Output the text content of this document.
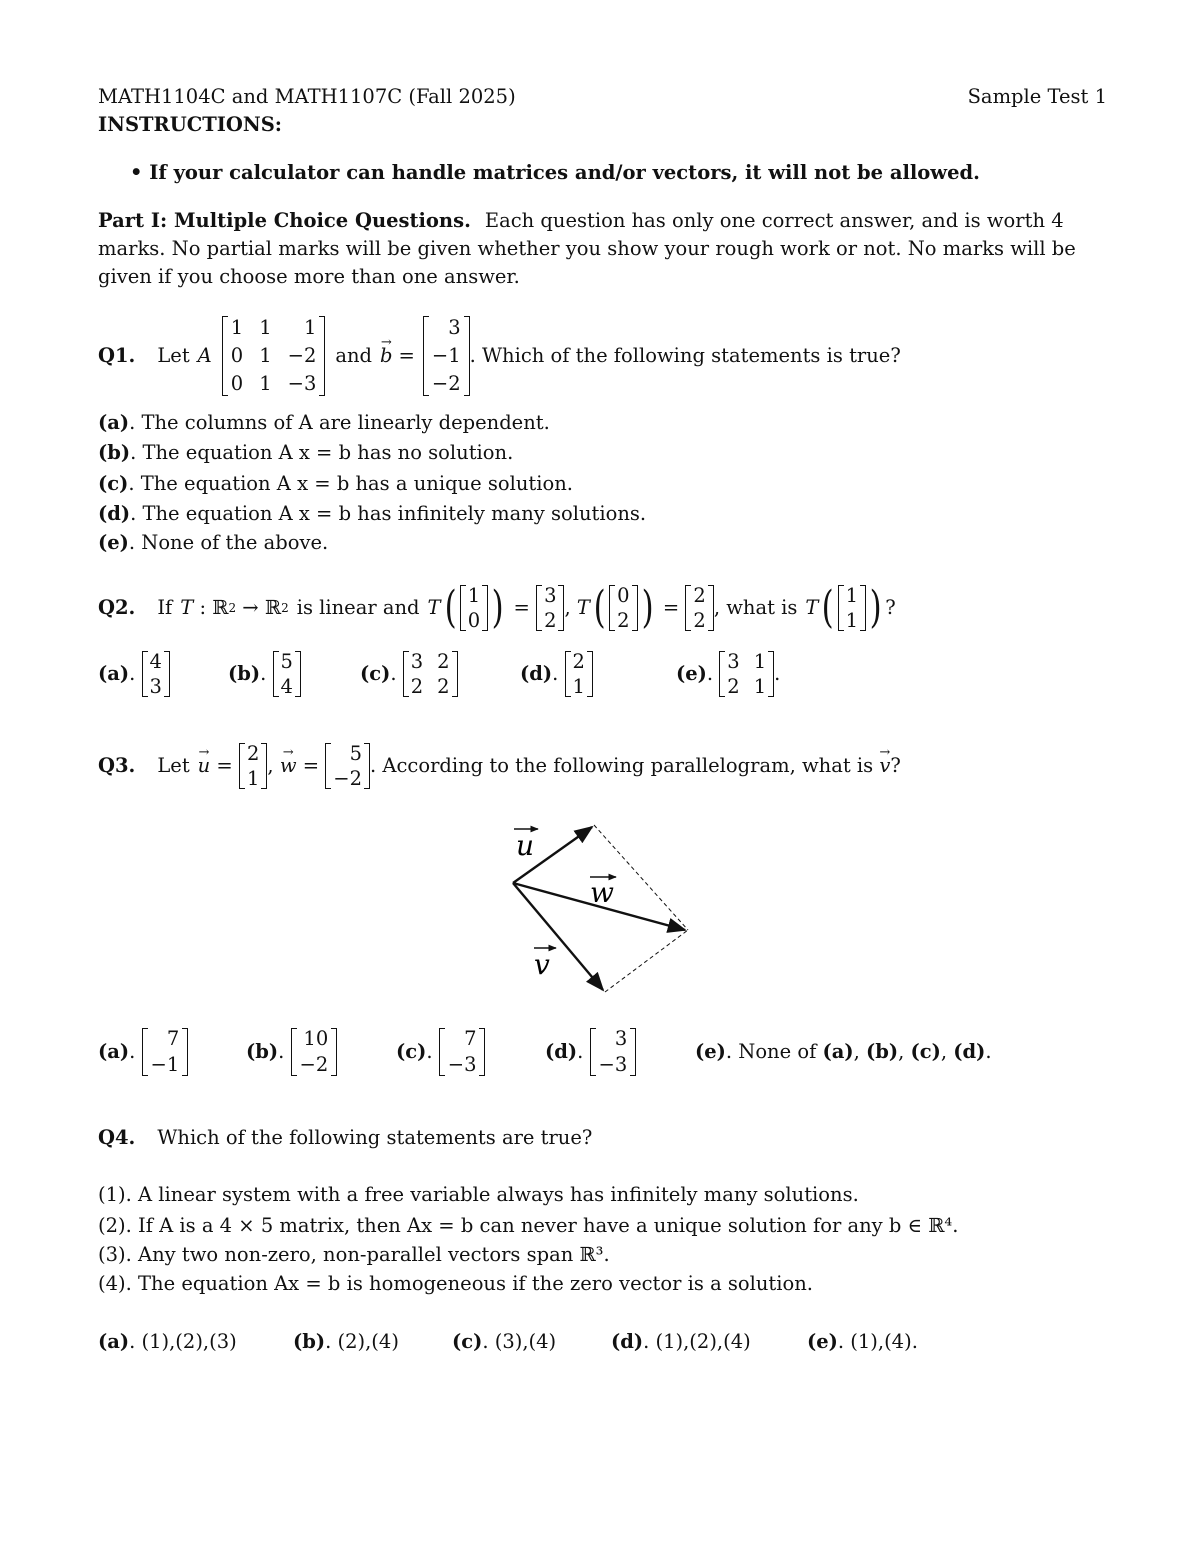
MATH1104C and MATH1107C (Fall 2025)	Sample Test 1
INSTRUCTIONS:
• If your calculator can handle matrices and/or vectors, it will not be allowed.
Part I: Multiple Choice Questions. Each question has only one correct answer, and is worth 4
marks. No partial marks will be given whether you show your rough work or not. No marks will be
given if you choose more than one answer.
Q1. Let A
1 1	1
0 1 −2
0 1 −3
and → b =
3
−1
−2
. Which of the following statements is true?
(a). The columns of A are linearly dependent.
(b). The equation A x = b has no solution.
(c). The equation A x = b has a unique solution.
(d). The equation A x = b has infinitely many solutions.
(e). None of the above.
Q2. If T : ℝ 2 → ℝ 2 is linear and T ( 1
0 ) =
3
2
, T ( 0
2 ) =
2
2
, what is T ( 1
1 ) ?
(a) .
4
3
(b) .
5
4
(c) .
3 2
2 2
(d) .
2
1
(e) .
3 1
2 1
.
Q3. Let → u =
2
1
, → w =
5
−2
. According to the following parallelogram, what is
→ v ?
u
w
v
(a) .
7
−1
(b) .
10
−2
(c) .
7
−3
(d) .
3
−3
(e) . None of
(a) , (b) , (c) , (d) .
Q4. Which of the following statements are true?
(1). A linear system with a free variable always has infinitely many solutions.
(2). If A is a 4 × 5 matrix, then Ax = b can never have a unique solution for any b ∈ ℝ⁴.
(3). Any two non-zero, non-parallel vectors span ℝ³.
(4). The equation Ax = b is homogeneous if the zero vector is a solution.
(a). (1),(2),(3)	(b). (2),(4)	(c). (3),(4)	(d). (1),(2),(4)	(e). (1),(4).
